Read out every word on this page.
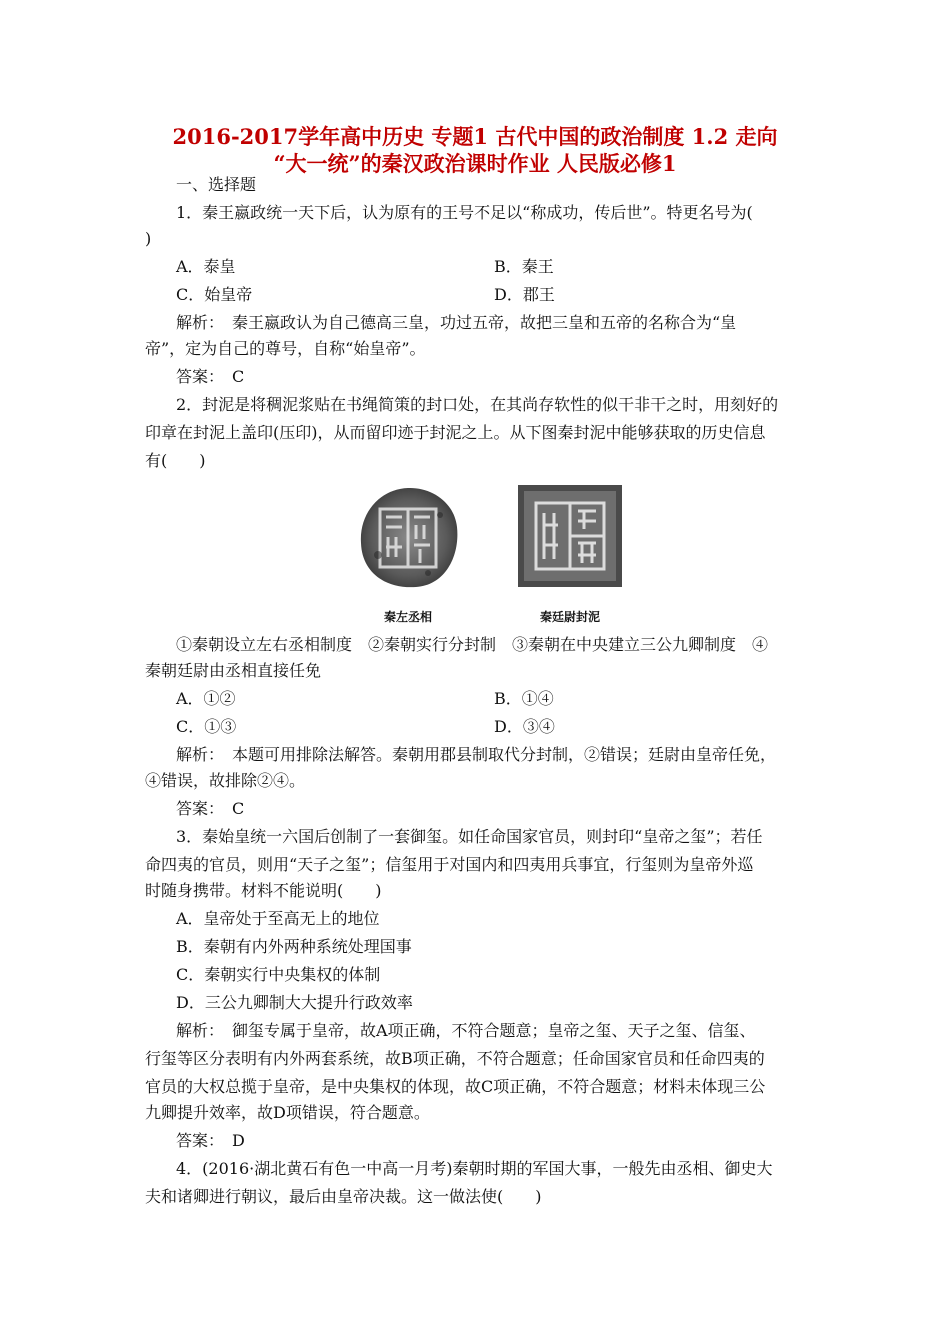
2016-2017学年高中历史 专题1 古代中国的政治制度 1.2 走向
“大一统”的秦汉政治课时作业 人民版必修1
一、选择题
1．秦王嬴政统一天下后，认为原有的王号不足以“称成功，传后世”。特更名号为(
)
A．泰皇	B．秦王
C．始皇帝	D．郡王
解析：　秦王嬴政认为自己德高三皇，功过五帝，故把三皇和五帝的名称合为“皇
帝”，定为自己的尊号，自称“始皇帝”。
答案：　C
2．封泥是将稠泥浆贴在书绳简策的封口处，在其尚存软性的似干非干之时，用刻好的
印章在封泥上盖印(压印)，从而留印迹于封泥之上。从下图秦封泥中能够获取的历史信息
有(　　)
秦左丞相	秦廷尉封泥
①秦朝设立左右丞相制度　②秦朝实行分封制　③秦朝在中央建立三公九卿制度　④
秦朝廷尉由丞相直接任免
A．①②	B．①④
C．①③	D．③④
解析：　本题可用排除法解答。秦朝用郡县制取代分封制，②错误；廷尉由皇帝任免，
④错误，故排除②④。
答案：　C
3．秦始皇统一六国后创制了一套御玺。如任命国家官员，则封印“皇帝之玺”；若任
命四夷的官员，则用“天子之玺”；信玺用于对国内和四夷用兵事宜，行玺则为皇帝外巡
时随身携带。材料不能说明(　　)
A．皇帝处于至高无上的地位
B．秦朝有内外两种系统处理国事
C．秦朝实行中央集权的体制
D．三公九卿制大大提升行政效率
解析：　御玺专属于皇帝，故A项正确，不符合题意；皇帝之玺、天子之玺、信玺、
行玺等区分表明有内外两套系统，故B项正确，不符合题意；任命国家官员和任命四夷的
官员的大权总揽于皇帝，是中央集权的体现，故C项正确，不符合题意；材料未体现三公
九卿提升效率，故D项错误，符合题意。
答案：　D
4．(2016·湖北黄石有色一中高一月考)秦朝时期的军国大事，一般先由丞相、御史大
夫和诸卿进行朝议，最后由皇帝决裁。这一做法使(　　)
